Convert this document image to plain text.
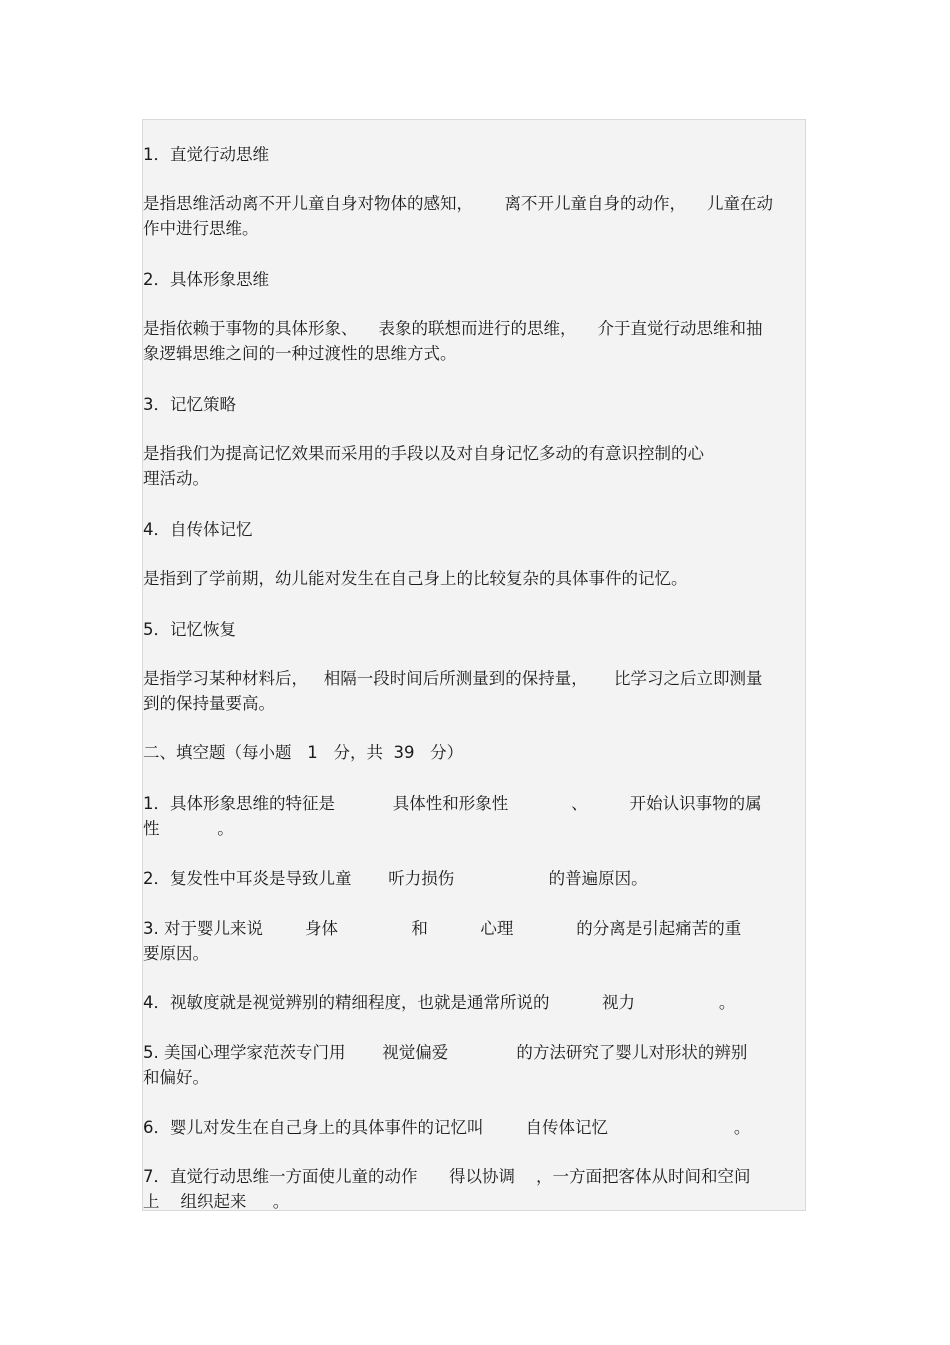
1．直觉行动思维

是指思维活动离不开儿童自身对物体的感知，      离不开儿童自身的动作，    儿童在动

作中进行思维。

2．具体形象思维

是指依赖于事物的具体形象、    表象的联想而进行的思维，    介于直觉行动思维和抽

象逻辑思维之间的一种过渡性的思维方式。

3．记忆策略

是指我们为提高记忆效果而采用的手段以及对自身记忆多动的有意识控制的心

理活动。

4．自传体记忆

是指到了学前期，幼儿能对发生在自己身上的比较复杂的具体事件的记忆。

5．记忆恢复

是指学习某种材料后，   相隔一段时间后所测量到的保持量，     比学习之后立即测量

到的保持量要高。

二、填空题（每小题   1   分，共  39   分）

1．具体形象思维的特征是           具体性和形象性            、        开始认识事物的属

性           。

2．复发性中耳炎是导致儿童       听力损伤                  的普遍原因。

3. 对于婴儿来说        身体              和          心理            的分离是引起痛苦的重

要原因。

4．视敏度就是视觉辨别的精细程度，也就是通常所说的          视力                。

5. 美国心理学家范茨专门用       视觉偏爱             的方法研究了婴儿对形状的辨别

和偏好。

6．婴儿对发生在自己身上的具体事件的记忆叫        自传体记忆                        。

7．直觉行动思维一方面使儿童的动作      得以协调    ，一方面把客体从时间和空间

上    组织起来     。
